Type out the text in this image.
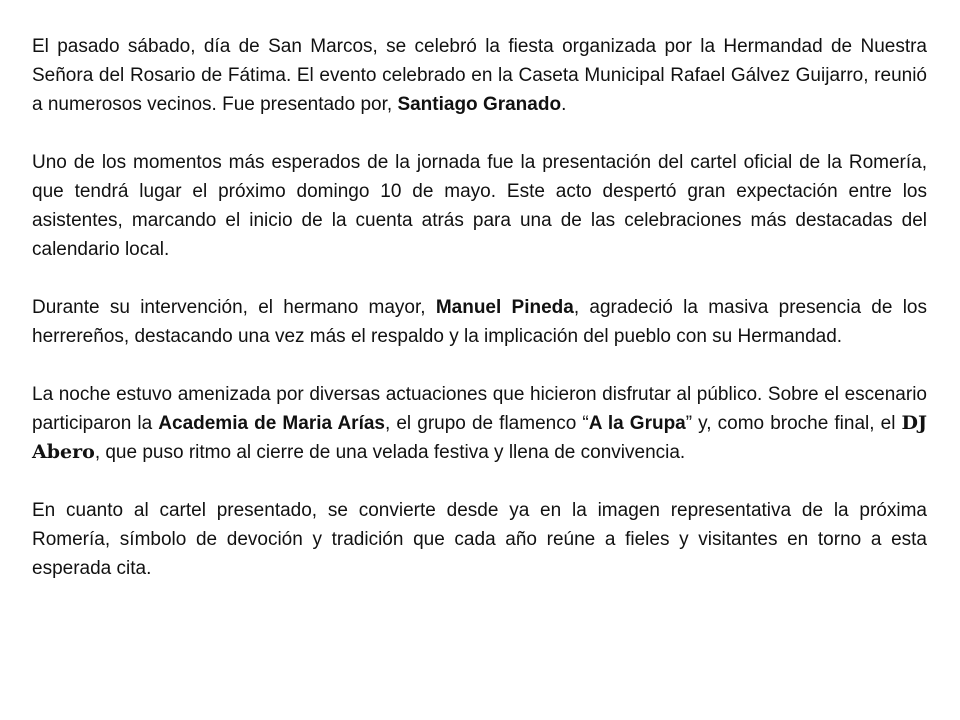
El pasado sábado, día de San Marcos, se celebró la fiesta organizada por la Hermandad de Nuestra Señora del Rosario de Fátima. El evento celebrado en la Caseta Municipal Rafael Gálvez Guijarro, reunió a numerosos vecinos. Fue presentado por, Santiago Granado.

Uno de los momentos más esperados de la jornada fue la presentación del cartel oficial de la Romería, que tendrá lugar el próximo domingo 10 de mayo. Este acto despertó gran expectación entre los asistentes, marcando el inicio de la cuenta atrás para una de las celebraciones más destacadas del calendario local.

Durante su intervención, el hermano mayor, Manuel Pineda, agradeció la masiva presencia de los herrereños, destacando una vez más el respaldo y la implicación del pueblo con su Hermandad.

La noche estuvo amenizada por diversas actuaciones que hicieron disfrutar al público. Sobre el escenario participaron la Academia de Maria Arías, el grupo de flamenco “A la Grupa” y, como broche final, el DJ Abero, que puso ritmo al cierre de una velada festiva y llena de convivencia.

En cuanto al cartel presentado, se convierte desde ya en la imagen representativa de la próxima Romería, símbolo de devoción y tradición que cada año reúne a fieles y visitantes en torno a esta esperada cita.
